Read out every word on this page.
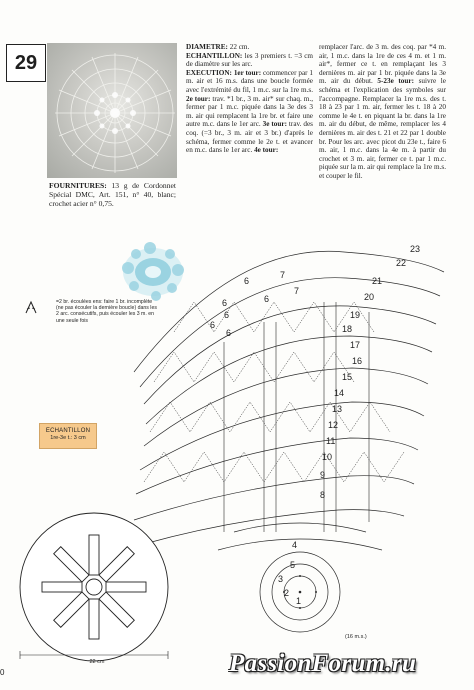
29

DIAMETRE: 22 cm.
ECHANTILLON: les 3 premiers t. =3 cm de diamètre sur les arc.
EXECUTION: 1er tour: commencer par 1 m. air et 16 m.s. dans une boucle formée avec l'extrémité du fil, 1 m.c. sur la 1re m.s. 2e tour: trav. *1 br., 3 m. air* sur chaq. m., fermer par 1 m.c. piquée dans la 3e des 3 m. air qui remplacent la 1re br. et faire une autre m.c. dans le 1er arc. 3e tour: trav. des coq. (=3 br., 3 m. air et 3 br.) d'après le schéma, fermer comme le 2e t. et avancer en m.c. dans le 1er arc. 4e tour:

remplacer l'arc. de 3 m. des coq. par *4 m. air, 1 m.c. dans la 1re de ces 4 m. et 1 m. air*, fermer ce t. en remplaçant les 3 dernières m. air par 1 br. piquée dans la 3e m. air du début. 5-23e tour: suivre le schéma et l'explication des symboles sur l'accompagne. Remplacer la 1re m.s. des t. 18 à 23 par 1 m. air, fermer les t. 18 à 20 comme le 4e t. en piquant la br. dans la 1re m. air du début, de même, remplacer les 4 dernières m. air des t. 21 et 22 par 1 double br. Pour les arc. avec picot du 23e t., faire 6 m. air, 1 m.c. dans la 4e m. à partir du crochet et 3 m. air, fermer ce t. par 1 m.c. piquée sur la m. air qui remplace la 1re m.s. et couper le fil.

FOURNITURES: 13 g de Cordonnet Spécial DMC, Art. 151, n° 40, blanc; crochet acier n° 0,75.

=2 br. écoulées ens: faire 1 br. incomplète (ne pas écouler la dernière boucle) dans les 2 arc. consécutifs, puis écouler les 3 m. en une seule fois
ECHANTILLON
1re-3e t.: 3 cm
23
22
21
20
19
18
17
16
15
14
13
12
11
10
9
8
7
7
6
6
6
6
6
6
4
5
3
2
1
(16 m.s.)
22 cm	PassionForum.ru
0
